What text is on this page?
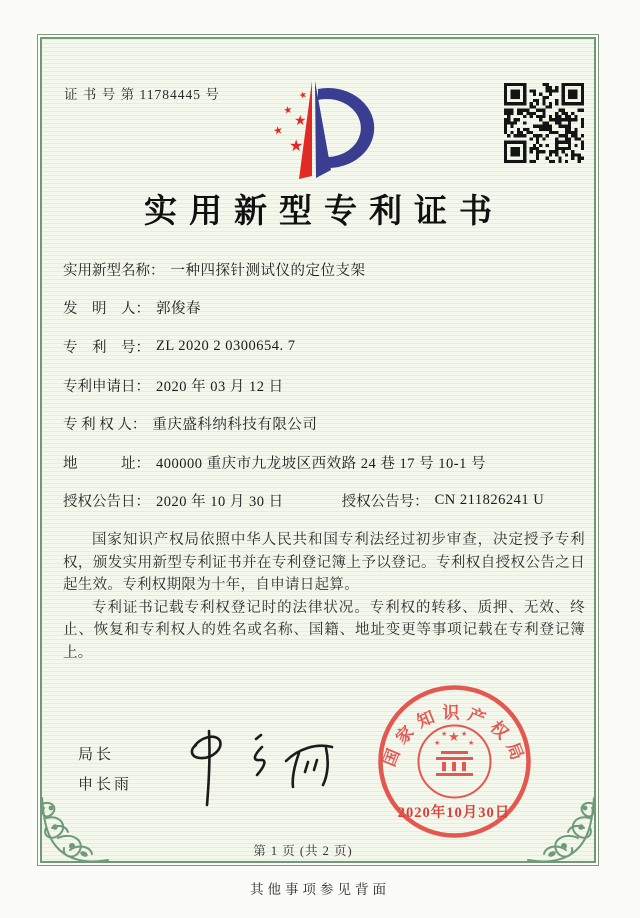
证 书 号 第 11784445 号	★
★
★
★
★
实用新型专利证书
实用新型名称： 一种四探针测试仪的定位支架
发　明　人： 郭俊春
专　利　号： ZL 2020 2 0300654. 7
专利申请日： 2020 年 03 月 12 日
专 利 权 人： 重庆盛科纳科技有限公司
地　　　址： 400000 重庆市九龙坡区西效路 24 巷 17 号 10-1 号
授权公告日： 2020 年 10 月 30 日	授权公告号： CN 211826241 U

国家知识产权局依照中华人民共和国专利法经过初步审查，决定授予专利权，颁发实用新型专利证书并在专利登记簿上予以登记。专利权自授权公告之日起生效。专利权期限为十年，自申请日起算。

专利证书记载专利权登记时的法律状况。专利权的转移、质押、无效、终止、恢复和专利权人的姓名或名称、国籍、地址变更等事项记载在专利登记簿上。

局长
申长雨
国家知识产权局
★
★
★ ★
★
2020年10月30日
第 1 页 (共 2 页)
其他事项参见背面
